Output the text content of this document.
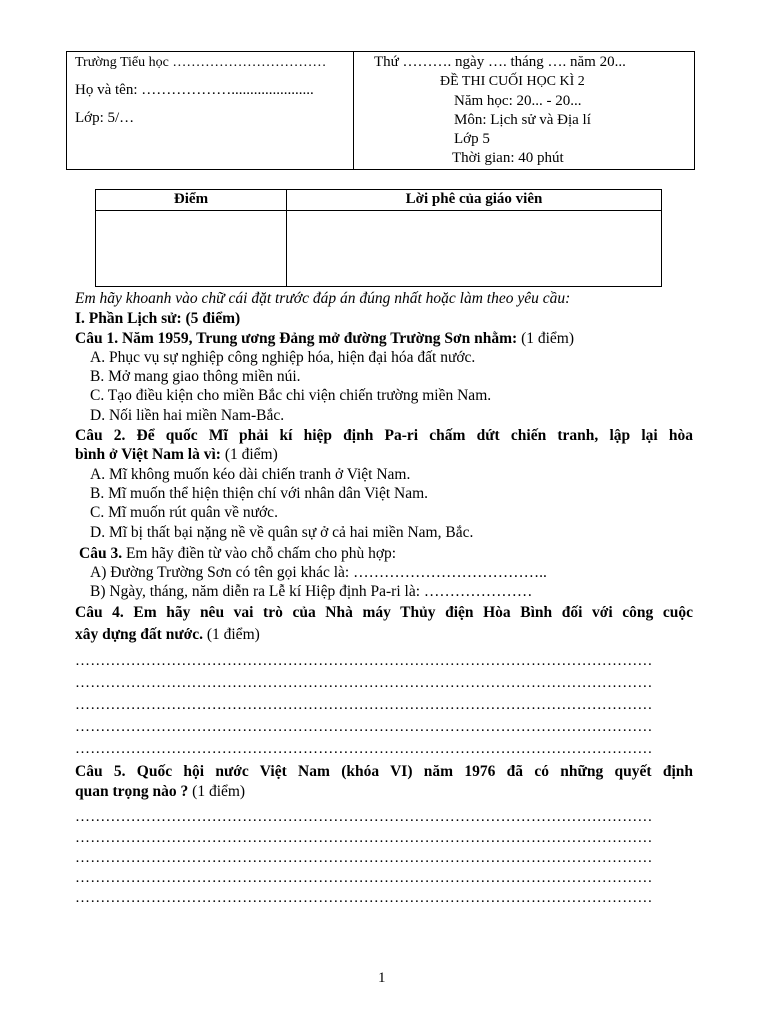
Trường Tiểu học ……………………………
Họ và tên: ………………......................
Lớp: 5/…
Thứ ………. ngày …. tháng …. năm 20...
ĐỀ THI CUỐI HỌC KÌ 2
Năm học: 20... - 20...
Môn: Lịch sử và Địa lí
Lớp 5
Thời gian: 40 phút
Điểm	Lời phê của giáo viên
Em hãy khoanh vào chữ cái đặt trước đáp án đúng nhất hoặc làm theo yêu cầu:
I. Phần Lịch sử: (5 điểm)
Câu 1. Năm 1959, Trung ương Đảng mở đường Trường Sơn nhằm: (1 điểm)
A. Phục vụ sự nghiệp công nghiệp hóa, hiện đại hóa đất nước.
B. Mở mang giao thông miền núi.
C. Tạo điều kiện cho miền Bắc chi viện chiến trường miền Nam.
D. Nối liền hai miền Nam-Bắc.
Câu 2. Để quốc Mĩ phải kí hiệp định Pa-ri chấm dứt chiến tranh, lập lại hòa
bình ở Việt Nam là vì: (1 điểm)
A. Mĩ không muốn kéo dài chiến tranh ở Việt Nam.
B. Mĩ muốn thể hiện thiện chí với nhân dân Việt Nam.
C. Mĩ muốn rút quân về nước.
D. Mĩ bị thất bại nặng nề về quân sự ở cả hai miền Nam, Bắc.
Câu 3. Em hãy điền từ vào chỗ chấm cho phù hợp:
A) Đường Trường Sơn có tên gọi khác là: ………………………………..
B) Ngày, tháng, năm diễn ra Lễ kí Hiệp định Pa-ri là: …………………
Câu 4. Em hãy nêu vai trò của Nhà máy Thủy điện Hòa Bình đối với công cuộc
xây dựng đất nước. (1 điểm)
……………………………………………………………………………………………………
……………………………………………………………………………………………………
……………………………………………………………………………………………………
……………………………………………………………………………………………………
……………………………………………………………………………………………………
Câu 5. Quốc hội nước Việt Nam (khóa VI) năm 1976 đã có những quyết định
quan trọng nào ? (1 điểm)
……………………………………………………………………………………………………
……………………………………………………………………………………………………
……………………………………………………………………………………………………
……………………………………………………………………………………………………
……………………………………………………………………………………………………
1
